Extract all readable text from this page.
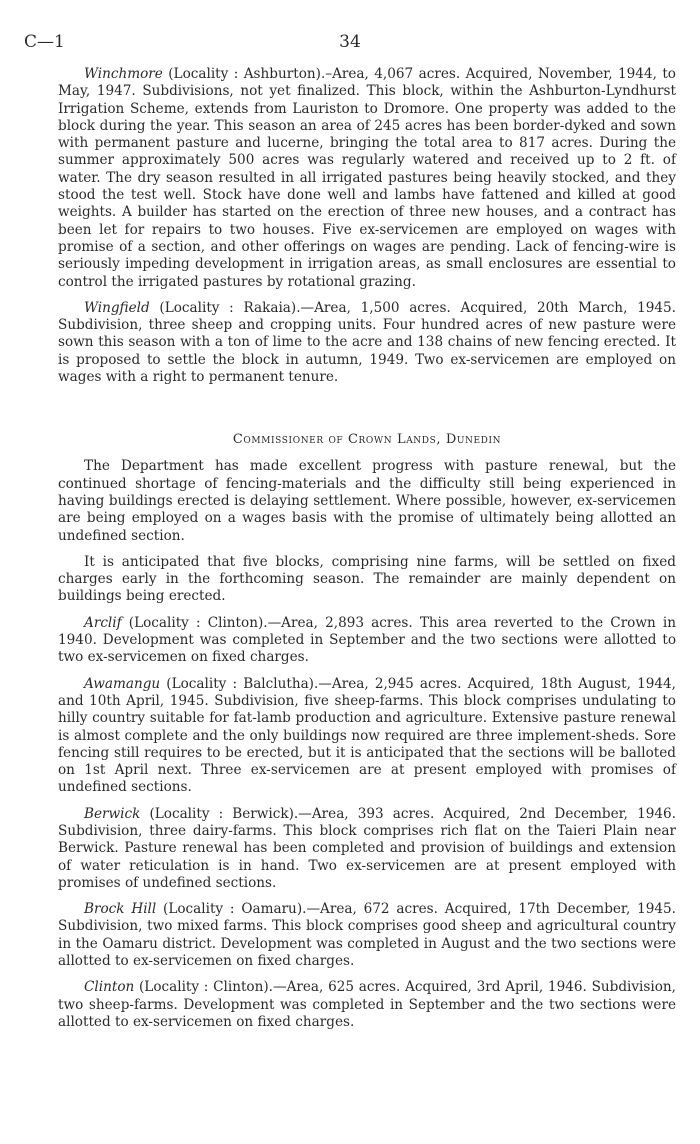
C—1	34

Winchmore (Locality : Ashburton).–Area, 4,067 acres. Acquired, November, 1944, to May, 1947. Subdivisions, not yet finalized. This block, within the Ashburton-Lyndhurst Irrigation Scheme, extends from Lauriston to Dromore. One property was added to the block during the year. This season an area of 245 acres has been border-dyked and sown with permanent pasture and lucerne, bringing the total area to 817 acres. During the summer approximately 500 acres was regularly watered and received up to 2 ft. of water. The dry season resulted in all irrigated pastures being heavily stocked, and they stood the test well. Stock have done well and lambs have fattened and killed at good weights. A builder has started on the erection of three new houses, and a contract has been let for repairs to two houses. Five ex-servicemen are employed on wages with promise of a section, and other offerings on wages are pending. Lack of fencing-wire is seriously impeding development in irrigation areas, as small enclosures are essential to control the irrigated pastures by rotational grazing.

Wingfield (Locality : Rakaia).—Area, 1,500 acres. Acquired, 20th March, 1945. Subdivision, three sheep and cropping units. Four hundred acres of new pasture were sown this season with a ton of lime to the acre and 138 chains of new fencing erected. It is proposed to settle the block in autumn, 1949. Two ex-servicemen are employed on wages with a right to permanent tenure.

Commissioner of Crown Lands, Dunedin

The Department has made excellent progress with pasture renewal, but the continued shortage of fencing-materials and the difficulty still being experienced in having buildings erected is delaying settlement. Where possible, however, ex-servicemen are being employed on a wages basis with the promise of ultimately being allotted an undefined section.

It is anticipated that five blocks, comprising nine farms, will be settled on fixed charges early in the forthcoming season. The remainder are mainly dependent on buildings being erected.

Arclif (Locality : Clinton).—Area, 2,893 acres. This area reverted to the Crown in 1940. Development was completed in September and the two sections were allotted to two ex-servicemen on fixed charges.

Awamangu (Locality : Balclutha).—Area, 2,945 acres. Acquired, 18th August, 1944, and 10th April, 1945. Subdivision, five sheep-farms. This block comprises undulating to hilly country suitable for fat-lamb production and agriculture. Extensive pasture renewal is almost complete and the only buildings now required are three implement-sheds. Sore fencing still requires to be erected, but it is anticipated that the sections will be balloted on 1st April next. Three ex-servicemen are at present employed with promises of undefined sections.

Berwick (Locality : Berwick).—Area, 393 acres. Acquired, 2nd December, 1946. Subdivision, three dairy-farms. This block comprises rich flat on the Taieri Plain near Berwick. Pasture renewal has been completed and provision of buildings and extension of water reticulation is in hand. Two ex-servicemen are at present employed with promises of undefined sections.

Brock Hill (Locality : Oamaru).—Area, 672 acres. Acquired, 17th December, 1945. Subdivision, two mixed farms. This block comprises good sheep and agricultural country in the Oamaru district. Development was completed in August and the two sections were allotted to ex-servicemen on fixed charges.

Clinton (Locality : Clinton).—Area, 625 acres. Acquired, 3rd April, 1946. Subdivision, two sheep-farms. Development was completed in September and the two sections were allotted to ex-servicemen on fixed charges.
